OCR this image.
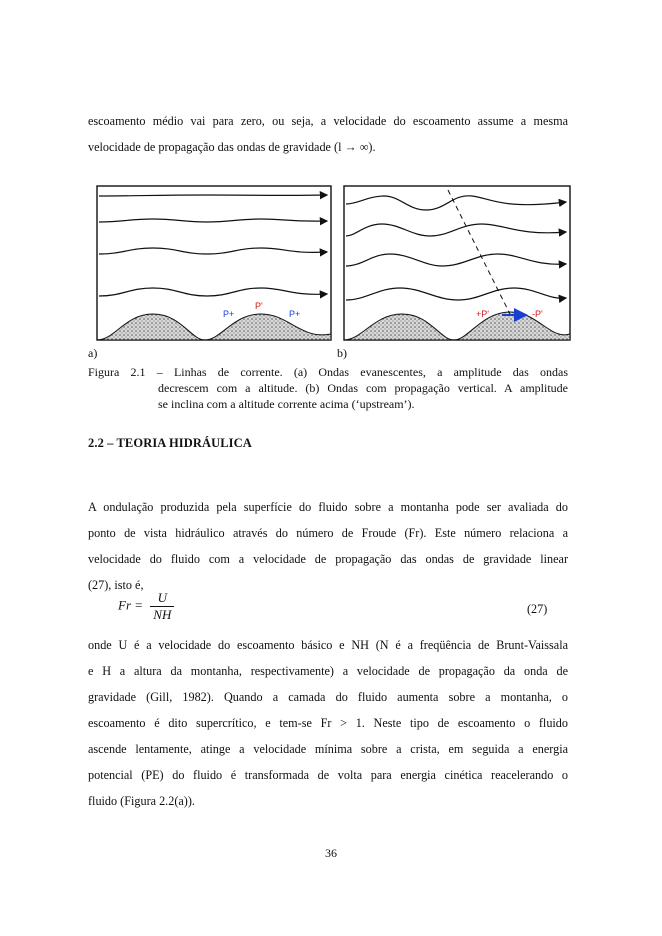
escoamento médio vai para zero, ou seja, a velocidade do escoamento assume a mesma
velocidade de propagação das ondas de gravidade (l → ∞).
P+
P'
P+
a)
+P'	-P'
b)
Figura 2.1 – Linhas de corrente. (a) Ondas evanescentes, a amplitude das ondas
decrescem com a altitude. (b) Ondas com propagação vertical. A amplitude
se inclina com a altitude corrente acima (‘upstream’).
2.2 – TEORIA HIDRÁULICA
A ondulação produzida pela superfície do fluido sobre a montanha pode ser avaliada do
ponto de vista hidráulico através do número de Froude (Fr). Este número relaciona a
velocidade do fluido com a velocidade de propagação das ondas de gravidade linear
(27), isto é,
$Fr = \frac{U}{NH}$	(27)
onde U é a velocidade do escoamento básico e NH (N é a freqüência de Brunt-Vaissala
e H a altura da montanha, respectivamente) a velocidade de propagação da onda de
gravidade (Gill, 1982). Quando a camada do fluido aumenta sobre a montanha, o
escoamento é dito supercrítico, e tem-se Fr > 1. Neste tipo de escoamento o fluido
ascende lentamente, atinge a velocidade mínima sobre a crista, em seguida a energia
potencial (PE) do fluido é transformada de volta para energia cinética reacelerando o
fluido (Figura 2.2(a)).
36
